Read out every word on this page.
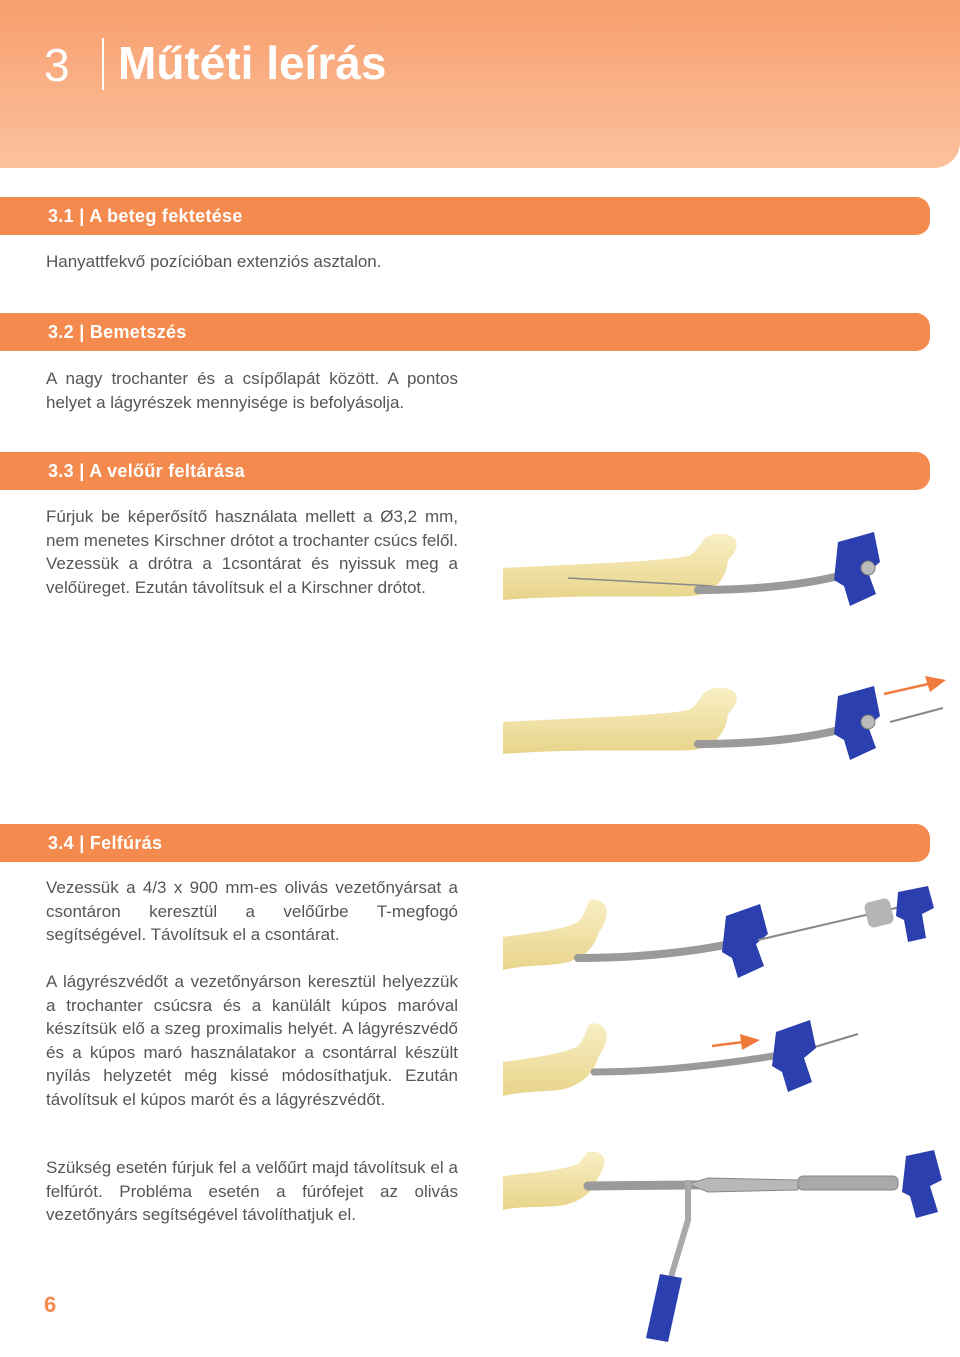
3 Műtéti leírás
3.1 | A beteg fektetése
Hanyattfekvő pozícióban extenziós asztalon.
3.2 | Bemetszés
A nagy trochanter és a csípőlapát között. A pontos helyet a lágyrészek mennyisége is befolyásolja.
3.3 | A velőűr feltárása
Fúrjuk be képerősítő használata mellett a Ø3,2 mm, nem menetes Kirschner drótot a trochanter csúcs felől. Vezessük a drótra a 1csontárat és nyissuk meg a velőüreget. Ezután távolítsuk el a Kirschner drótot.
3.4 | Felfúrás
Vezessük a 4/3 x 900 mm-es olivás vezetőnyársat a csontáron keresztül a velőűrbe T-megfogó segítségével. Távolítsuk el a csontárat.
A lágyrészvédőt a vezetőnyárson keresztül helyezzük a trochanter csúcsra és a kanülált kúpos maróval készítsük elő a szeg proximalis helyét. A lágyrészvédő és a kúpos maró használatakor a csontárral készült nyílás helyzetét még kissé módosíthatjuk. Ezután távolítsuk el kúpos marót és a lágyrészvédőt.
Szükség esetén fúrjuk fel a velőűrt majd távolítsuk el a felfúrót. Probléma esetén a fúrófejet az olivás vezetőnyárs segítségével távolíthatjuk el.
6
